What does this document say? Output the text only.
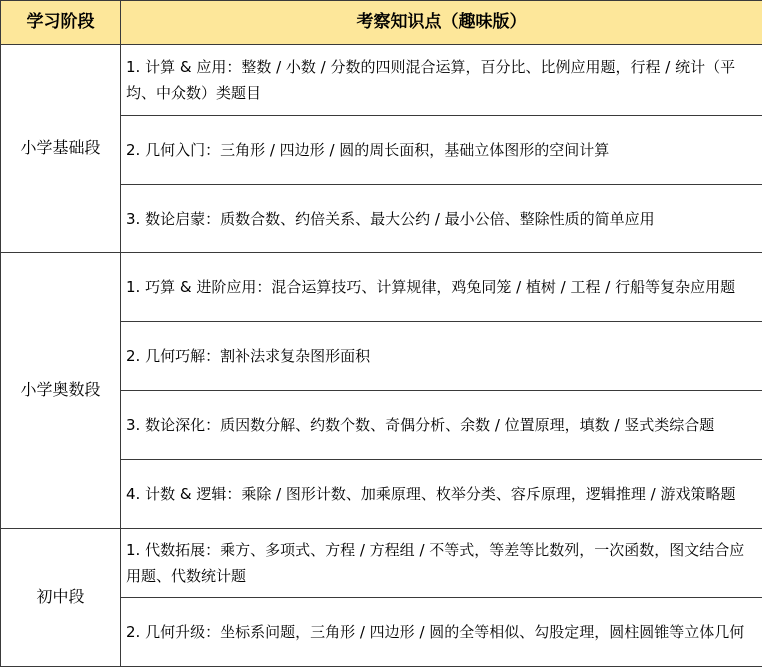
学习阶段	考察知识点（趣味版）
小学基础段	1. 计算 & 应用：整数 / 小数 / 分数的四则混合运算，百分比、比例应用题，行程 / 统计（平均、中众数）类题目
	2. 几何入门：三角形 / 四边形 / 圆的周长面积，基础立体图形的空间计算
	3. 数论启蒙：质数合数、约倍关系、最大公约 / 最小公倍、整除性质的简单应用
小学奥数段	1. 巧算 & 进阶应用：混合运算技巧、计算规律，鸡兔同笼 / 植树 / 工程 / 行船等复杂应用题
	2. 几何巧解：割补法求复杂图形面积
	3. 数论深化：质因数分解、约数个数、奇偶分析、余数 / 位置原理，填数 / 竖式类综合题
	4. 计数 & 逻辑：乘除 / 图形计数、加乘原理、枚举分类、容斥原理，逻辑推理 / 游戏策略题
初中段	1. 代数拓展：乘方、多项式、方程 / 方程组 / 不等式，等差等比数列，一次函数，图文结合应用题、代数统计题
	2. 几何升级：坐标系问题，三角形 / 四边形 / 圆的全等相似、勾股定理，圆柱圆锥等立体几何
